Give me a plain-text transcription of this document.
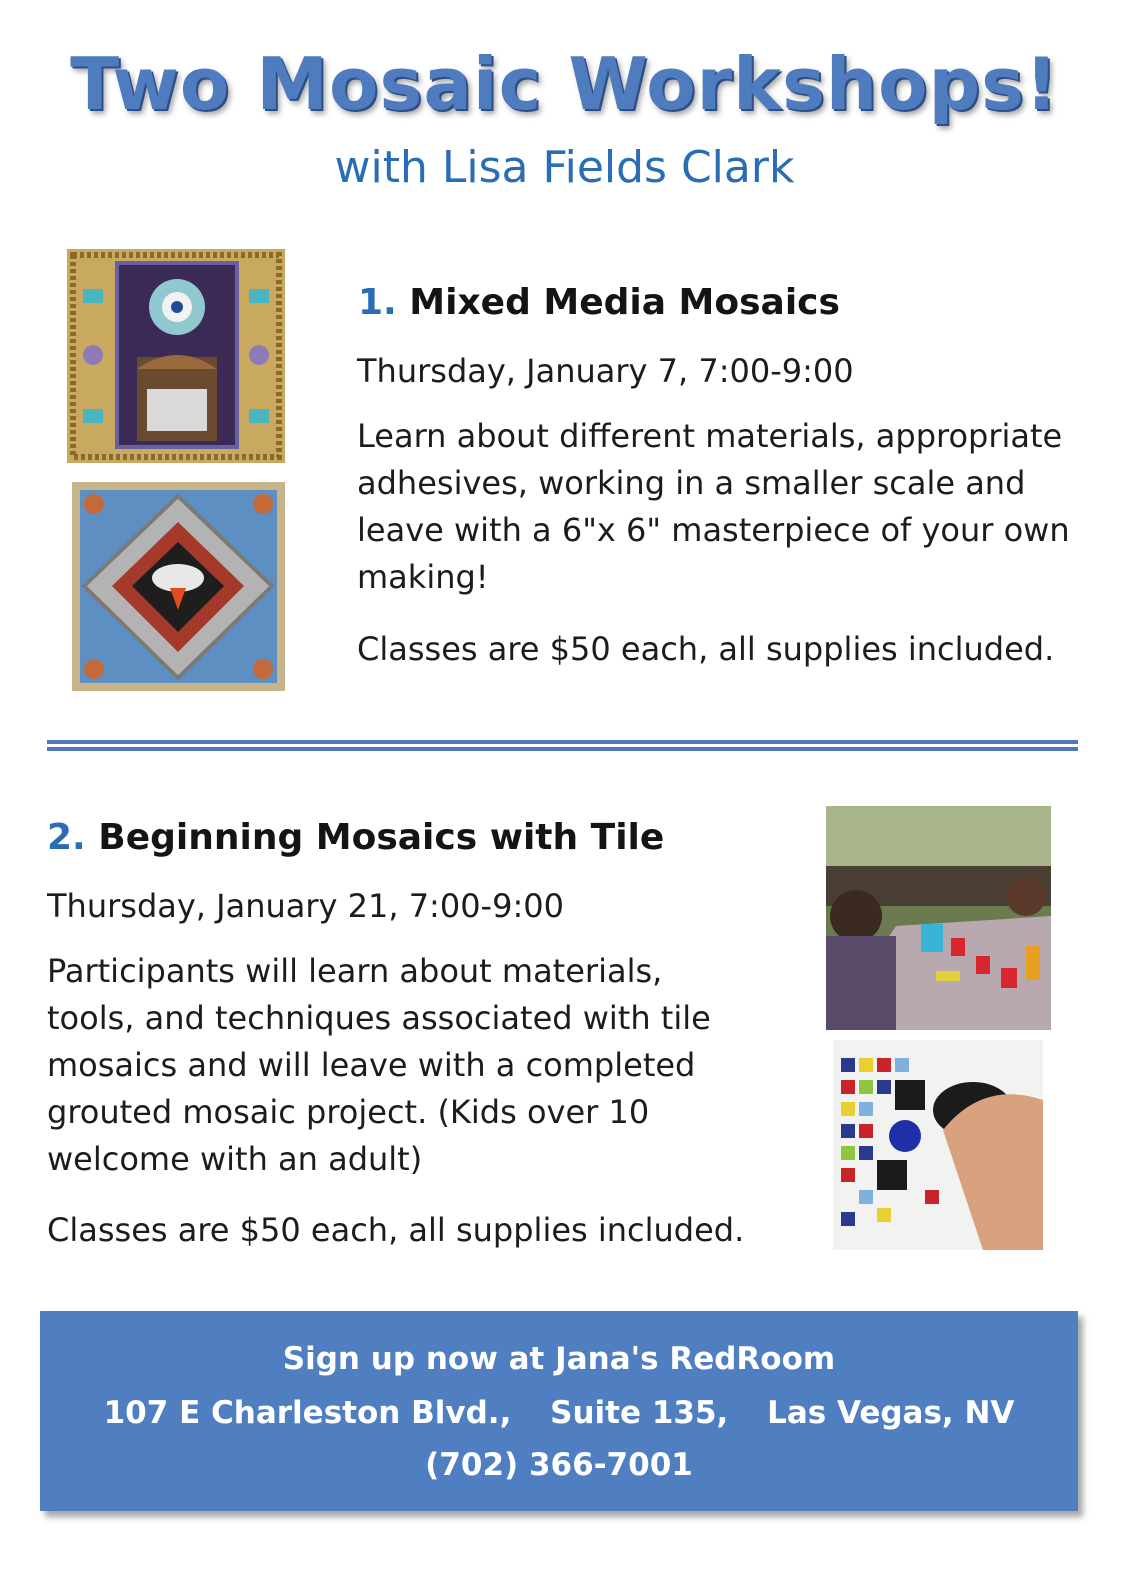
Two Mosaic Workshops!
with Lisa Fields Clark
1. Mixed Media Mosaics
Thursday, January 7, 7:00-9:00
Learn about different materials, appropriate
adhesives, working in a smaller scale and
leave with a 6"x 6" masterpiece of your own
making!
Classes are $50 each, all supplies included.
2. Beginning Mosaics with Tile
Thursday, January 21, 7:00-9:00
Participants will learn about materials,
tools, and techniques associated with tile
mosaics and will leave with a completed
grouted mosaic project. (Kids over 10
welcome with an adult)
Classes are $50 each, all supplies included.
Sign up now at Jana's RedRoom
107 E Charleston Blvd., Suite 135, Las Vegas, NV
(702) 366-7001
